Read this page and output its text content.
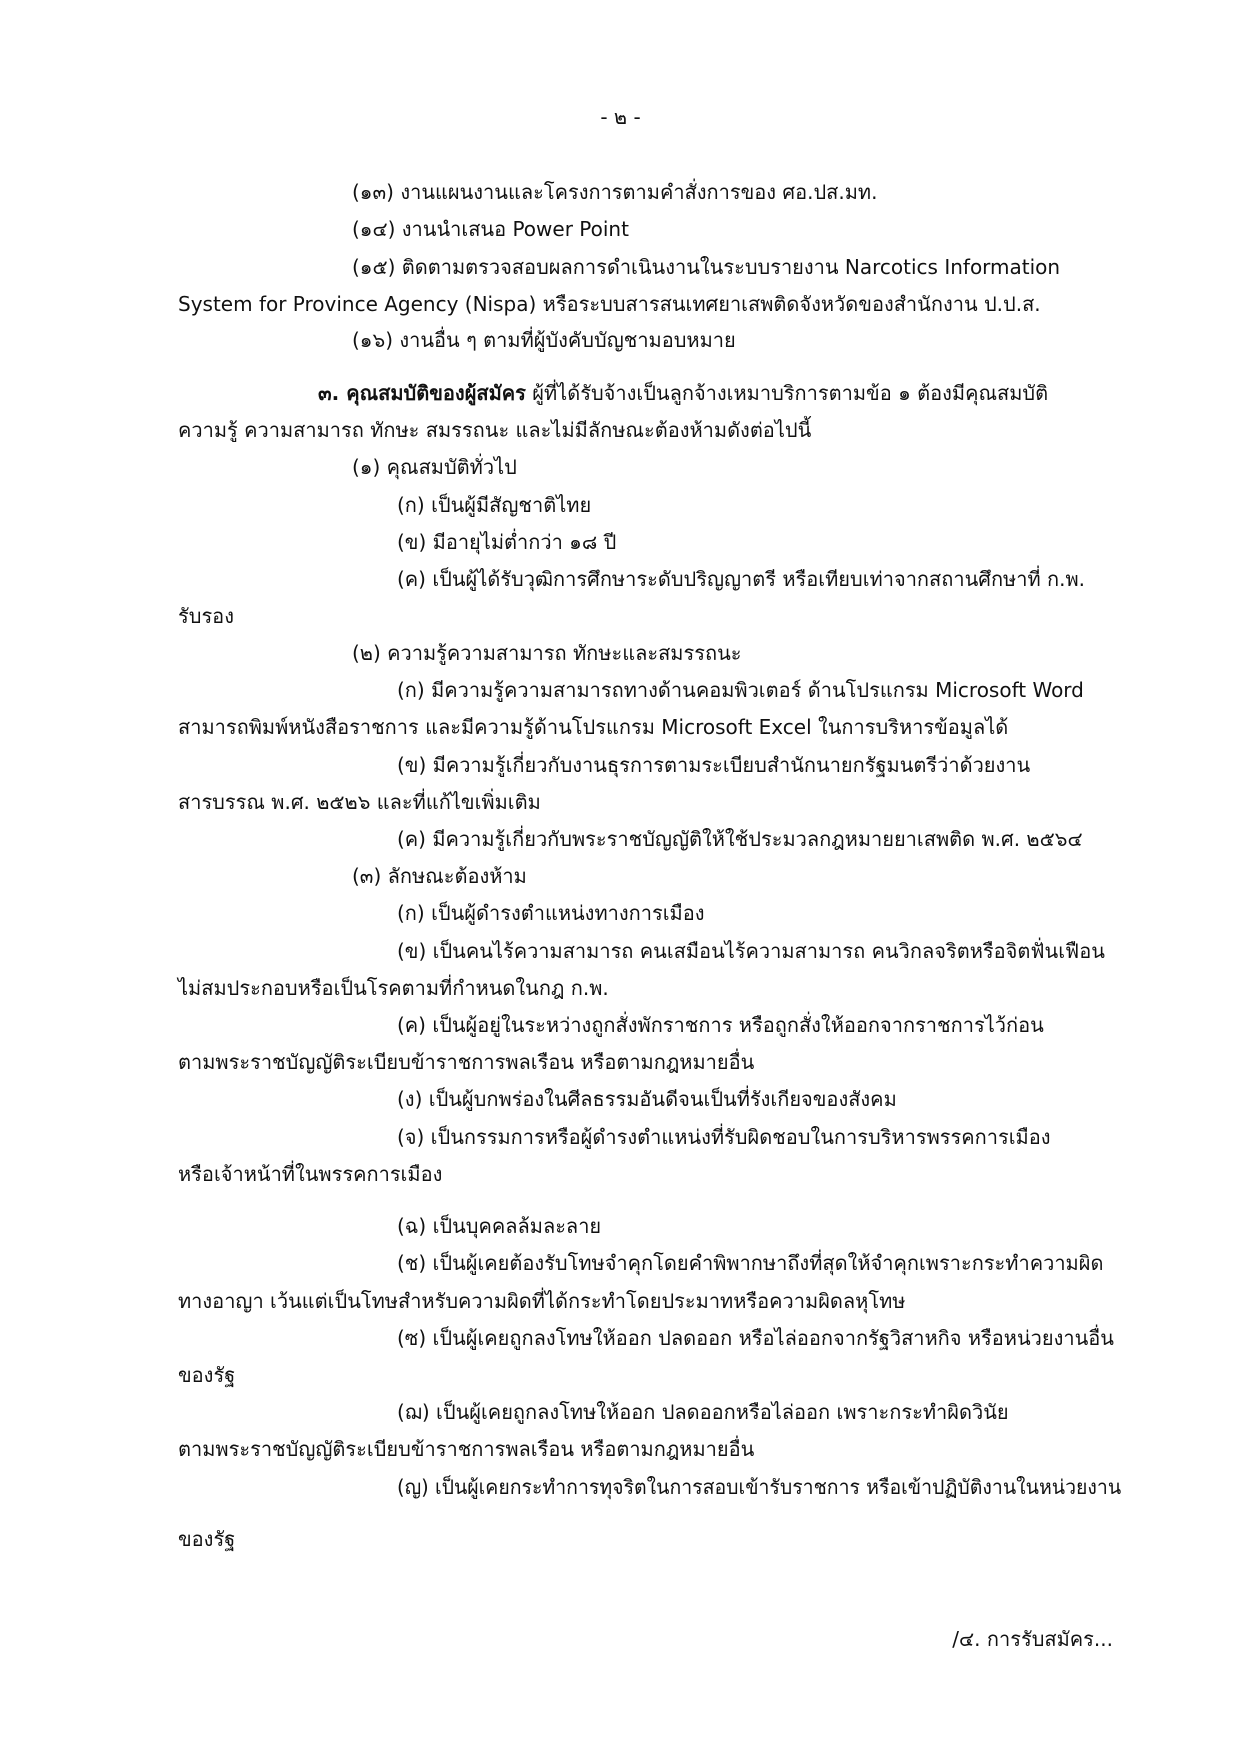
- ๒ -
(๑๓) งานแผนงานและโครงการตามคำสั่งการของ ศอ.ปส.มท.
(๑๔) งานนำเสนอ Power Point
(๑๕) ติดตามตรวจสอบผลการดำเนินงานในระบบรายงาน Narcotics Information
System for Province Agency (Nispa) หรือระบบสารสนเทศยาเสพติดจังหวัดของสำนักงาน ป.ป.ส.
(๑๖) งานอื่น ๆ ตามที่ผู้บังคับบัญชามอบหมาย
๓. คุณสมบัติของผู้สมัคร ผู้ที่ได้รับจ้างเป็นลูกจ้างเหมาบริการตามข้อ ๑ ต้องมีคุณสมบัติ
ความรู้ ความสามารถ ทักษะ สมรรถนะ และไม่มีลักษณะต้องห้ามดังต่อไปนี้
(๑) คุณสมบัติทั่วไป
(ก) เป็นผู้มีสัญชาติไทย
(ข) มีอายุไม่ต่ำกว่า ๑๘ ปี
(ค) เป็นผู้ได้รับวุฒิการศึกษาระดับปริญญาตรี หรือเทียบเท่าจากสถานศึกษาที่ ก.พ.
รับรอง
(๒) ความรู้ความสามารถ ทักษะและสมรรถนะ
(ก) มีความรู้ความสามารถทางด้านคอมพิวเตอร์ ด้านโปรแกรม Microsoft Word
สามารถพิมพ์หนังสือราชการ และมีความรู้ด้านโปรแกรม Microsoft Excel ในการบริหารข้อมูลได้
(ข) มีความรู้เกี่ยวกับงานธุรการตามระเบียบสำนักนายกรัฐมนตรีว่าด้วยงาน
สารบรรณ พ.ศ. ๒๕๒๖ และที่แก้ไขเพิ่มเติม
(ค) มีความรู้เกี่ยวกับพระราชบัญญัติให้ใช้ประมวลกฎหมายยาเสพติด พ.ศ. ๒๕๖๔
(๓) ลักษณะต้องห้าม
(ก) เป็นผู้ดำรงตำแหน่งทางการเมือง
(ข) เป็นคนไร้ความสามารถ คนเสมือนไร้ความสามารถ คนวิกลจริตหรือจิตฟั่นเฟือน
ไม่สมประกอบหรือเป็นโรคตามที่กำหนดในกฎ ก.พ.
(ค) เป็นผู้อยู่ในระหว่างถูกสั่งพักราชการ หรือถูกสั่งให้ออกจากราชการไว้ก่อน
ตามพระราชบัญญัติระเบียบข้าราชการพลเรือน หรือตามกฎหมายอื่น
(ง) เป็นผู้บกพร่องในศีลธรรมอันดีจนเป็นที่รังเกียจของสังคม
(จ) เป็นกรรมการหรือผู้ดำรงตำแหน่งที่รับผิดชอบในการบริหารพรรคการเมือง
หรือเจ้าหน้าที่ในพรรคการเมือง
(ฉ) เป็นบุคคลล้มละลาย
(ช) เป็นผู้เคยต้องรับโทษจำคุกโดยคำพิพากษาถึงที่สุดให้จำคุกเพราะกระทำความผิด
ทางอาญา เว้นแต่เป็นโทษสำหรับความผิดที่ได้กระทำโดยประมาทหรือความผิดลหุโทษ
(ซ) เป็นผู้เคยถูกลงโทษให้ออก ปลดออก หรือไล่ออกจากรัฐวิสาหกิจ หรือหน่วยงานอื่น
ของรัฐ
(ฌ) เป็นผู้เคยถูกลงโทษให้ออก ปลดออกหรือไล่ออก เพราะกระทำผิดวินัย
ตามพระราชบัญญัติระเบียบข้าราชการพลเรือน หรือตามกฎหมายอื่น
(ญ) เป็นผู้เคยกระทำการทุจริตในการสอบเข้ารับราชการ หรือเข้าปฏิบัติงานในหน่วยงาน
ของรัฐ
/๔. การรับสมัคร...
